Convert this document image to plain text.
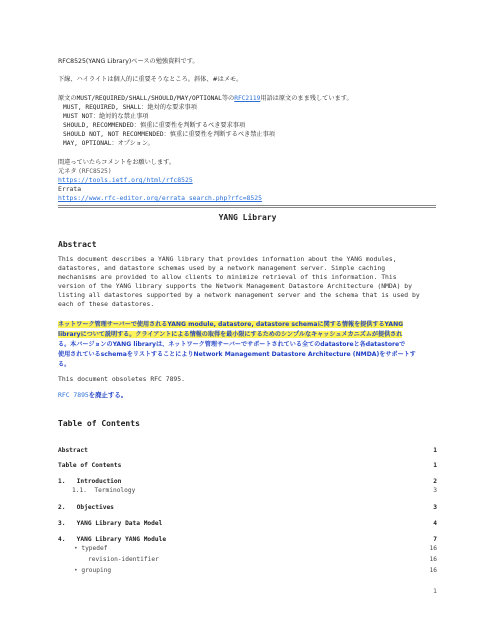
RFC8525(YANG Library)ベースの勉強資料です。
下線、ハイライトは個人的に重要そうなところ。斜体、#はメモ。
原文のMUST/REQUIRED/SHALL/SHOULD/MAY/OPTIONAL等のRFC2119用語は原文のまま残しています。
MUST, REQUIRED, SHALL：絶対的な要求事項
MUST NOT：絶対的な禁止事項
SHOULD, RECOMMENDED：慎重に重要性を判断するべき要求事項
SHOULD NOT, NOT RECOMMENDED：慎重に重要性を判断するべき禁止事項
MAY, OPTIONAL：オプション。
間違っていたらコメントをお願いします。
元ネタ (RFC8525)
https://tools.ietf.org/html/rfc8525
Errata
https://www.rfc-editor.org/errata_search.php?rfc=8525
YANG Library
Abstract
This document describes a YANG library that provides information about the YANG modules,
datastores, and datastore schemas used by a network management server. Simple caching
mechanisms are provided to allow clients to minimize retrieval of this information. This
version of the YANG library supports the Network Management Datastore Architecture (NMDA) by
listing all datastores supported by a network management server and the schema that is used by
each of these datastores.
ネットワーク管理サーバーで使用されるYANG module, datastore, datastore schemaに関する情報を提供するYANG
libraryについて説明する。クライアントによる情報の取得を最小限にするためのシンプルなキャッシュメカニズムが提供され
る。本バージョンのYANG libraryは、ネットワーク管理サーバーでサポートされている全てのdatastoreと各datastoreで
使用されているschemaをリストすることによりNetwork Management Datastore Architecture (NMDA)をサポートす
る。
This document obsoletes RFC 7895.
RFC 7895を廃止する。
Table of Contents
Abstract	1
Table of Contents	1
1. Introduction	2
1.1. Terminology	3
2. Objectives	3
3. YANG Library Data Model	4
4. YANG Library YANG Module	7
• typedef	16
revision-identifier	16
• grouping	16
1
